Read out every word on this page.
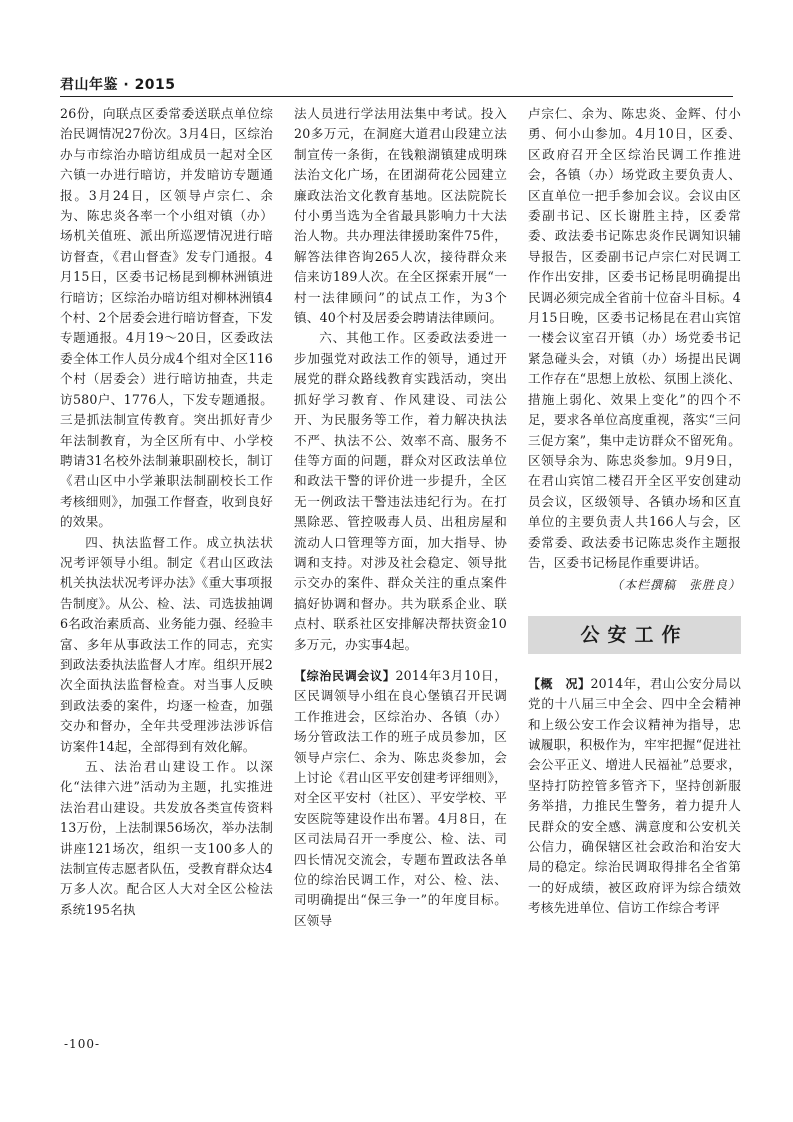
君山年鉴 · 2015

26份，向联点区委常委送联点单位综治民调情况27份次。3月4日，区综治办与市综治办暗访组成员一起对全区六镇一办进行暗访，并发暗访专题通报。3月24日，区领导卢宗仁、余为、陈忠炎各率一个小组对镇（办）场机关值班、派出所巡逻情况进行暗访督查，《君山督查》发专门通报。4月15日，区委书记杨昆到柳林洲镇进行暗访；区综治办暗访组对柳林洲镇4个村、2个居委会进行暗访督查，下发专题通报。4月19～20日，区委政法委全体工作人员分成4个组对全区116个村（居委会）进行暗访抽查，共走访580户、1776人，下发专题通报。三是抓法制宣传教育。突出抓好青少年法制教育，为全区所有中、小学校聘请31名校外法制兼职副校长，制订《君山区中小学兼职法制副校长工作考核细则》，加强工作督查，收到良好的效果。

四、执法监督工作。成立执法状况考评领导小组。制定《君山区政法机关执法状况考评办法》《重大事项报告制度》。从公、检、法、司选拔抽调6名政治素质高、业务能力强、经验丰富、多年从事政法工作的同志，充实到政法委执法监督人才库。组织开展2次全面执法监督检查。对当事人反映到政法委的案件，均逐一检查，加强交办和督办，全年共受理涉法涉诉信访案件14起，全部得到有效化解。

五、法治君山建设工作。以深化“法律六进”活动为主题，扎实推进法治君山建设。共发放各类宣传资料13万份，上法制课56场次，举办法制讲座121场次，组织一支100多人的法制宣传志愿者队伍，受教育群众达4万多人次。配合区人大对全区公检法系统195名执

法人员进行学法用法集中考试。投入20多万元，在洞庭大道君山段建立法制宣传一条街，在钱粮湖镇建成明珠法治文化广场，在团湖荷花公园建立廉政法治文化教育基地。区法院院长付小勇当选为全省最具影响力十大法治人物。共办理法律援助案件75件，解答法律咨询265人次，接待群众来信来访189人次。在全区探索开展“一村一法律顾问”的试点工作，为3个镇、40个村及居委会聘请法律顾问。

六、其他工作。区委政法委进一步加强党对政法工作的领导，通过开展党的群众路线教育实践活动，突出抓好学习教育、作风建设、司法公开、为民服务等工作，着力解决执法不严、执法不公、效率不高、服务不佳等方面的问题，群众对区政法单位和政法干警的评价进一步提升，全区无一例政法干警违法违纪行为。在打黑除恶、管控吸毒人员、出租房屋和流动人口管理等方面，加大指导、协调和支持。对涉及社会稳定、领导批示交办的案件、群众关注的重点案件搞好协调和督办。共为联系企业、联点村、联系社区安排解决帮扶资金10多万元，办实事4起。

【综治民调会议】2014年3月10日，区民调领导小组在良心堡镇召开民调工作推进会，区综治办、各镇（办）场分管政法工作的班子成员参加，区领导卢宗仁、余为、陈忠炎参加，会上讨论《君山区平安创建考评细则》，对全区平安村（社区）、平安学校、平安医院等建设作出布署。4月8日，在区司法局召开一季度公、检、法、司四长情况交流会，专题布置政法各单位的综治民调工作，对公、检、法、司明确提出“保三争一”的年度目标。区领导

卢宗仁、余为、陈忠炎、金辉、付小勇、何小山参加。4月10日，区委、区政府召开全区综治民调工作推进会，各镇（办）场党政主要负责人、区直单位一把手参加会议。会议由区委副书记、区长谢胜主持，区委常委、政法委书记陈忠炎作民调知识辅导报告，区委副书记卢宗仁对民调工作作出安排，区委书记杨昆明确提出民调必须完成全省前十位奋斗目标。4月15日晚，区委书记杨昆在君山宾馆一楼会议室召开镇（办）场党委书记紧急碰头会，对镇（办）场提出民调工作存在“思想上放松、氛围上淡化、措施上弱化、效果上变化”的四个不足，要求各单位高度重视，落实“三问三促方案”，集中走访群众不留死角。区领导余为、陈忠炎参加。9月9日，在君山宾馆二楼召开全区平安创建动员会议，区级领导、各镇办场和区直单位的主要负责人共166人与会，区委常委、政法委书记陈忠炎作主题报告，区委书记杨昆作重要讲话。

（本栏撰稿　张胜良）
公安工作

【概　况】2014年，君山公安分局以党的十八届三中全会、四中全会精神和上级公安工作会议精神为指导，忠诚履职，积极作为，牢牢把握“促进社会公平正义、增进人民福祉”总要求，坚持打防控管多管齐下，坚持创新服务举措，力推民生警务，着力提升人民群众的安全感、满意度和公安机关公信力，确保辖区社会政治和治安大局的稳定。综治民调取得排名全省第一的好成绩，被区政府评为综合绩效考核先进单位、信访工作综合考评

-100-
